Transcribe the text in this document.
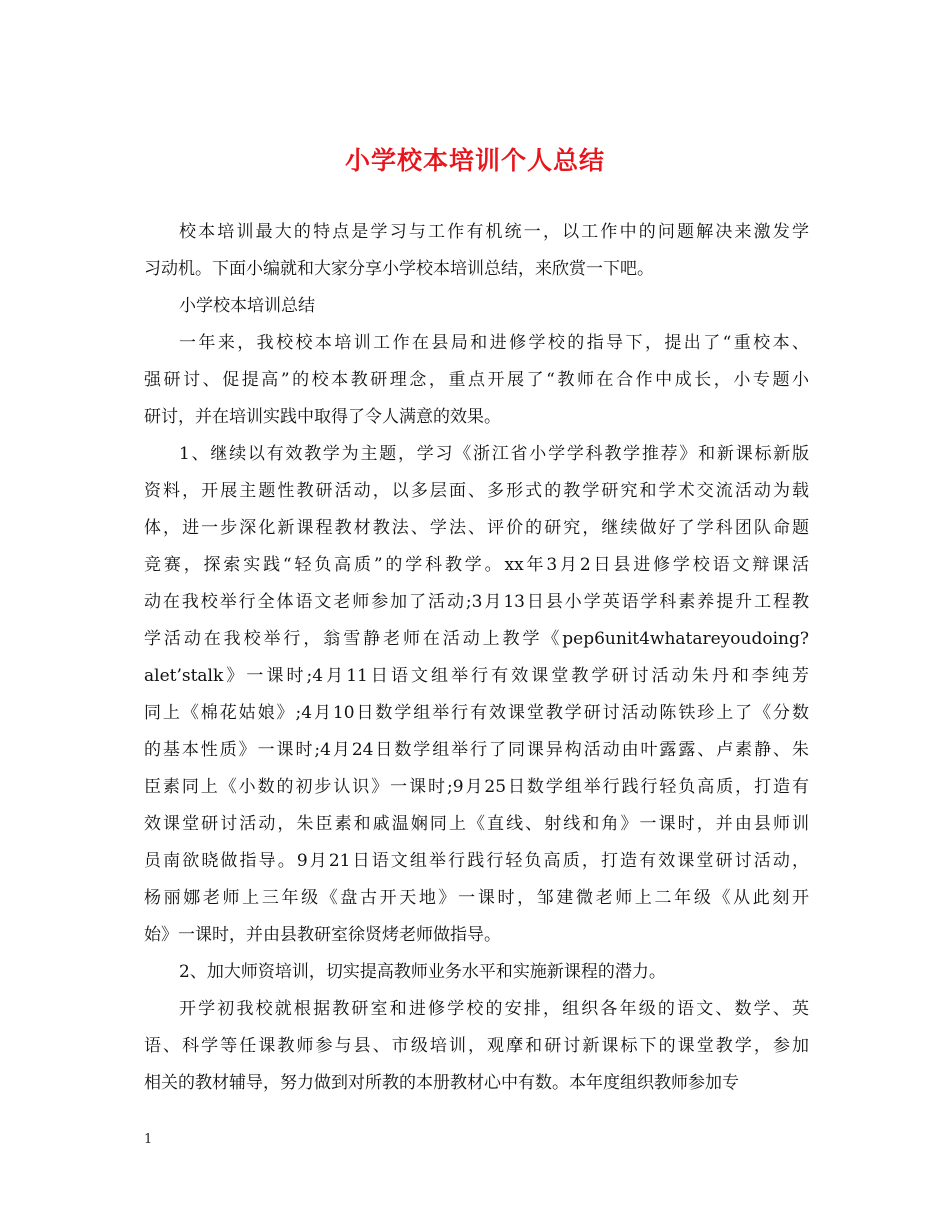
小学校本培训个人总结
校本培训最大的特点是学习与工作有机统一，以工作中的问题解决来激发学
习动机。下面小编就和大家分享小学校本培训总结，来欣赏一下吧。
小学校本培训总结
一年来，我校校本培训工作在县局和进修学校的指导下，提出了“重校本、
强研讨、促提高”的校本教研理念，重点开展了“教师在合作中成长，小专题小
研讨，并在培训实践中取得了令人满意的效果。
1、继续以有效教学为主题，学习《浙江省小学学科教学推荐》和新课标新版
资料，开展主题性教研活动，以多层面、多形式的教学研究和学术交流活动为载
体，进一步深化新课程教材教法、学法、评价的研究，继续做好了学科团队命题
竞赛，探索实践“轻负高质”的学科教学。xx年3月2日县进修学校语文辩课活
动在我校举行全体语文老师参加了活动;3月13日县小学英语学科素养提升工程教
学活动在我校举行，翁雪静老师在活动上教学《pep6unit4whatareyoudoing?
alet’stalk》一课时;4月11日语文组举行有效课堂教学研讨活动朱丹和李纯芳
同上《棉花姑娘》;4月10日数学组举行有效课堂教学研讨活动陈铁珍上了《分数
的基本性质》一课时;4月24日数学组举行了同课异构活动由叶露露、卢素静、朱
臣素同上《小数的初步认识》一课时;9月25日数学组举行践行轻负高质，打造有
效课堂研讨活动，朱臣素和戚温娴同上《直线、射线和角》一课时，并由县师训
员南欲晓做指导。9月21日语文组举行践行轻负高质，打造有效课堂研讨活动，
杨丽娜老师上三年级《盘古开天地》一课时，邹建微老师上二年级《从此刻开
始》一课时，并由县教研室徐贤烤老师做指导。
2、加大师资培训，切实提高教师业务水平和实施新课程的潜力。
开学初我校就根据教研室和进修学校的安排，组织各年级的语文、数学、英
语、科学等任课教师参与县、市级培训，观摩和研讨新课标下的课堂教学，参加
相关的教材辅导，努力做到对所教的本册教材心中有数。本年度组织教师参加专
1
